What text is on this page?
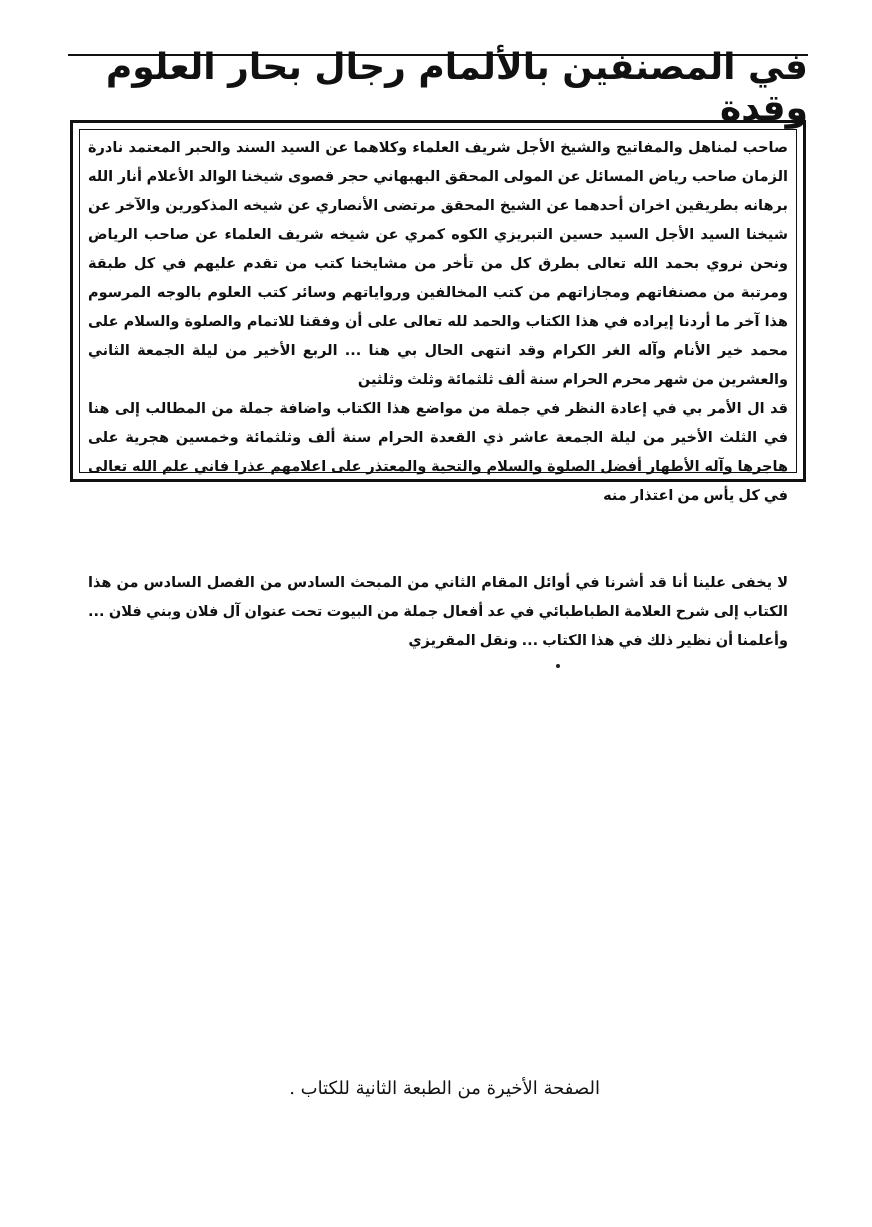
في المصنفين بالألمام رجال بحار العلوم وقدة

صاحب لمناهل والمفاتيح والشيخ الأجل شريف العلماء وكلاهما عن السيد السند والحبر المعتمد نادرة الزمان صاحب رياض المسائل عن المولى المحقق البهبهاني حجر قصوى شيخنا الوالد الأعلام أنار الله برهانه بطريقين اخران أحدهما عن الشيخ المحقق مرتضى الأنصاري عن شيخه المذكورين والآخر عن شيخنا السيد الأجل السيد حسين التبريزي الكوه كمري عن شيخه شريف العلماء عن صاحب الرياض ونحن نروي بحمد الله تعالى بطرق كل من تأخر من مشايخنا كتب من تقدم عليهم في كل طبقة ومرتبة من مصنفاتهم ومجازاتهم من كتب المخالفين ورواياتهم وسائر كتب العلوم بالوجه المرسوم هذا آخر ما أردنا إيراده في هذا الكتاب والحمد لله تعالى على أن وفقنا للاتمام والصلوة والسلام على محمد خير الأنام وآله الغر الكرام وقد انتهى الحال بي هنا ... الربع الأخير من ليلة الجمعة الثاني والعشرين من شهر محرم الحرام سنة ألف ثلثمائة وثلث وثلثين

قد ال الأمر بي في إعادة النظر في جملة من مواضع هذا الكتاب واضافة جملة من المطالب إلى هنا في الثلث الأخير من ليلة الجمعة عاشر ذي القعدة الحرام سنة ألف وثلثمائة وخمسين هجرية على هاجرها وآله الأطهار أفضل الصلوة والسلام والتحية والمعتذر على اعلامهم عذرا فاني علم الله تعالى في كل يأس من اعتذار منه

لا يخفى علينا أنا قد أشرنا في أوائل المقام الثاني من المبحث السادس من الفصل السادس من هذا الكتاب إلى شرح العلامة الطباطبائي في عد أفعال جملة من البيوت تحت عنوان آل فلان وبني فلان ... وأعلمنا أن نظير ذلك في هذا الكتاب ... ونقل المقريزي

الصفحة الأخيرة من الطبعة الثانية للكتاب .
